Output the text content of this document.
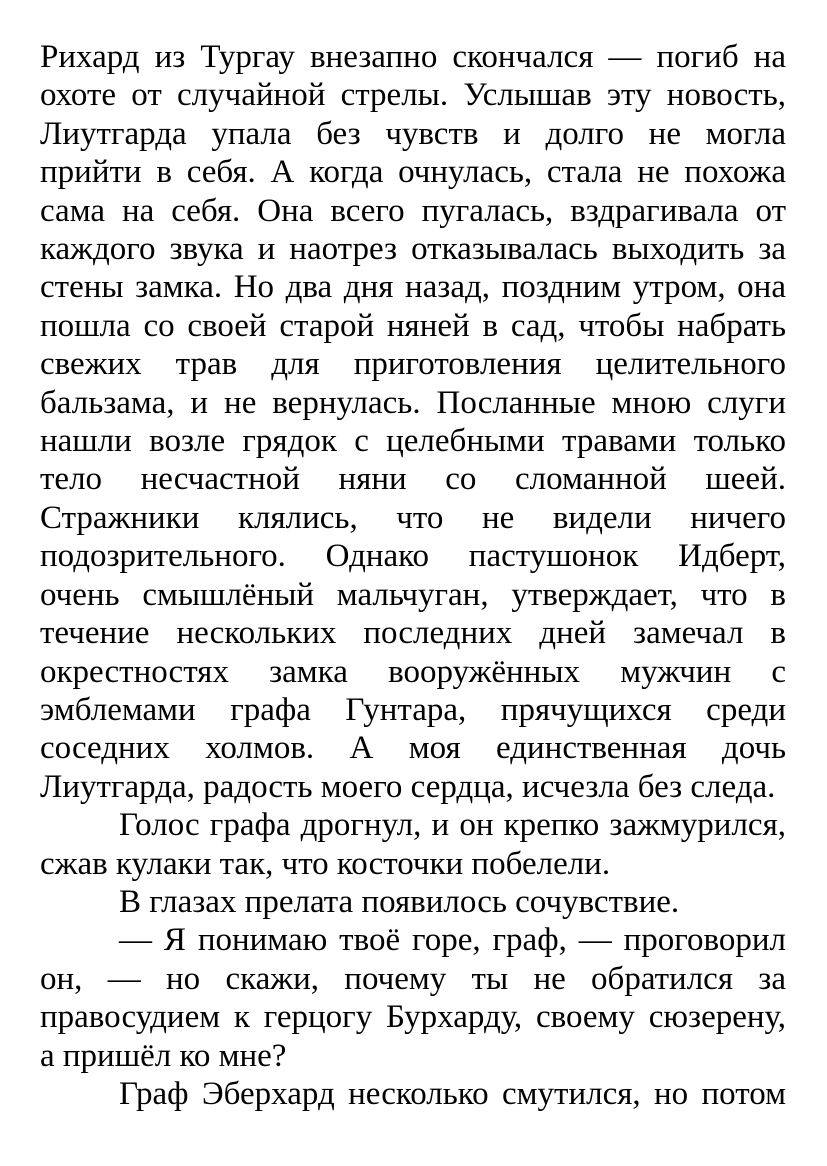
Рихард из Тургау внезапно скончался — погиб на
охоте от случайной стрелы. Услышав эту новость,
Лиутгарда упала без чувств и долго не могла
прийти в себя. А когда очнулась, стала не похожа
сама на себя. Она всего пугалась, вздрагивала от
каждого звука и наотрез отказывалась выходить за
стены замка. Но два дня назад, поздним утром, она
пошла со своей старой няней в сад, чтобы набрать
свежих трав для приготовления целительного
бальзама, и не вернулась. Посланные мною слуги
нашли возле грядок с целебными травами только
тело несчастной няни со сломанной шеей.
Стражники клялись, что не видели ничего
подозрительного. Однако пастушонок Идберт,
очень смышлёный мальчуган, утверждает, что в
течение нескольких последних дней замечал в
окрестностях замка вооружённых мужчин с
эмблемами графа Гунтара, прячущихся среди
соседних холмов. А моя единственная дочь
Лиутгарда, радость моего сердца, исчезла без следа.
Голос графа дрогнул, и он крепко зажмурился,
сжав кулаки так, что косточки побелели.
В глазах прелата появилось сочувствие.
— Я понимаю твоё горе, граф, — проговорил
он, — но скажи, почему ты не обратился за
правосудием к герцогу Бурхарду, своему сюзерену,
а пришёл ко мне?
Граф Эберхард несколько смутился, но потом
